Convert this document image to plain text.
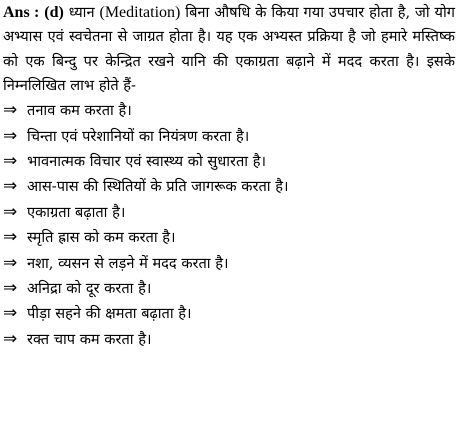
Ans : (d) ध्यान (Meditation) बिना औषधि के किया गया उपचार होता है, जो योग अभ्यास एवं स्वचेतना से जाग्रत होता है। यह एक अभ्यस्त प्रक्रिया है जो हमारे मस्तिष्क को एक बिन्दु पर केन्द्रित रखने यानि की एकाग्रता बढ़ाने में मदद करता है। इसके निम्नलिखित लाभ होते हैं-

⇒ तनाव कम करता है।
⇒ चिन्ता एवं परेशानियों का नियंत्रण करता है।
⇒ भावनात्मक विचार एवं स्वास्थ्य को सुधारता है।
⇒ आस-पास की स्थितियों के प्रति जागरूक करता है।
⇒ एकाग्रता बढ़ाता है।
⇒ स्मृति ह्रास को कम करता है।
⇒ नशा, व्यसन से लड़ने में मदद करता है।
⇒ अनिद्रा को दूर करता है।
⇒ पीड़ा सहने की क्षमता बढ़ाता है।
⇒ रक्त चाप कम करता है।
